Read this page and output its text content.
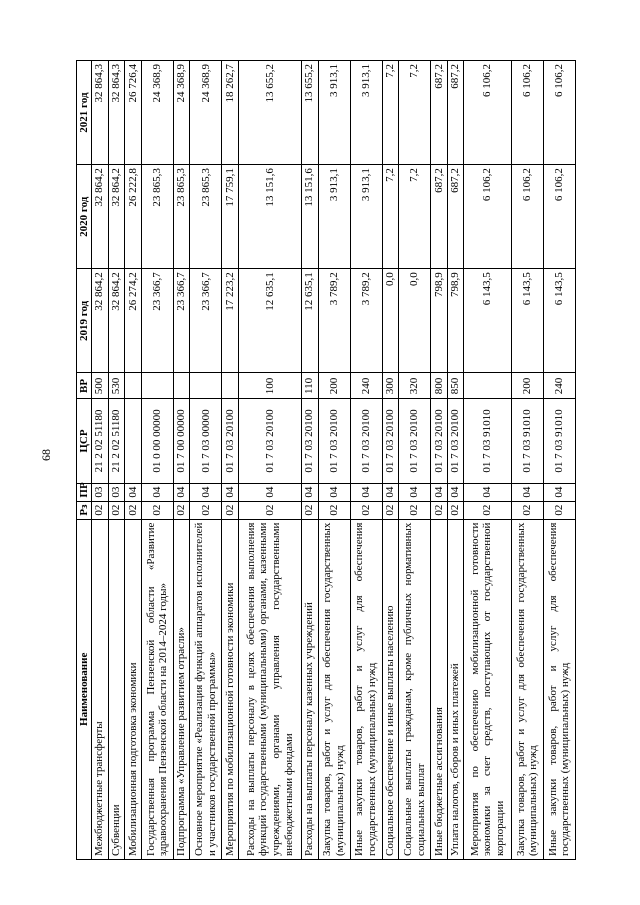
68
Наименование	Рз	ПР	ЦСР	ВР	2019 год	2020 год	2021 год
Межбюджетные трансферты	02	03	21 2 02 51180	500	32 864,2	32 864,2	32 864,3
Субвенции	02	03	21 2 02 51180	530	32 864,2	32 864,2	32 864,3
Мобилизационная подготовка экономики	02	04			26 274,2	26 222,8	26 726,4
Государственная программа Пензенской области «Развитие здравоохранения Пензенской области на 2014–2024 годы»	02	04	01 0 00 00000		23 366,7	23 865,3	24 368,9
Подпрограмма «Управление развитием отрасли»	02	04	01 7 00 00000		23 366,7	23 865,3	24 368,9
Основное мероприятие «Реализация функций аппаратов исполнителей и участников государственной программы»	02	04	01 7 03 00000		23 366,7	23 865,3	24 368,9
Мероприятия по мобилизационной готовности экономики	02	04	01 7 03 20100		17 223,2	17 759,1	18 262,7
Расходы на выплаты персоналу в целях обеспечения выполнения функций государственными (муниципальными) органами, казенными учреждениями, органами управления государственными внебюджетными фондами	02	04	01 7 03 20100	100	12 635,1	13 151,6	13 655,2
Расходы на выплаты персоналу казенных учреждений	02	04	01 7 03 20100	110	12 635,1	13 151,6	13 655,2
Закупка товаров, работ и услуг для обеспечения государственных (муниципальных) нужд	02	04	01 7 03 20100	200	3 789,2	3 913,1	3 913,1
Иные закупки товаров, работ и услуг для обеспечения государственных (муниципальных) нужд	02	04	01 7 03 20100	240	3 789,2	3 913,1	3 913,1
Социальное обеспечение и иные выплаты населению	02	04	01 7 03 20100	300	0,0	7,2	7,2
Социальные выплаты гражданам, кроме публичных нормативных социальных выплат	02	04	01 7 03 20100	320	0,0	7,2	7,2
Иные бюджетные ассигнования	02	04	01 7 03 20100	800	798,9	687,2	687,2
Уплата налогов, сборов и иных платежей	02	04	01 7 03 20100	850	798,9	687,2	687,2
Мероприятия по обеспечению мобилизационной готовности экономики за счет средств, поступающих от государственной корпорации	02	04	01 7 03 91010		6 143,5	6 106,2	6 106,2
Закупка товаров, работ и услуг для обеспечения государственных (муниципальных) нужд	02	04	01 7 03 91010	200	6 143,5	6 106,2	6 106,2
Иные закупки товаров, работ и услуг для обеспечения государственных (муниципальных) нужд	02	04	01 7 03 91010	240	6 143,5	6 106,2	6 106,2
